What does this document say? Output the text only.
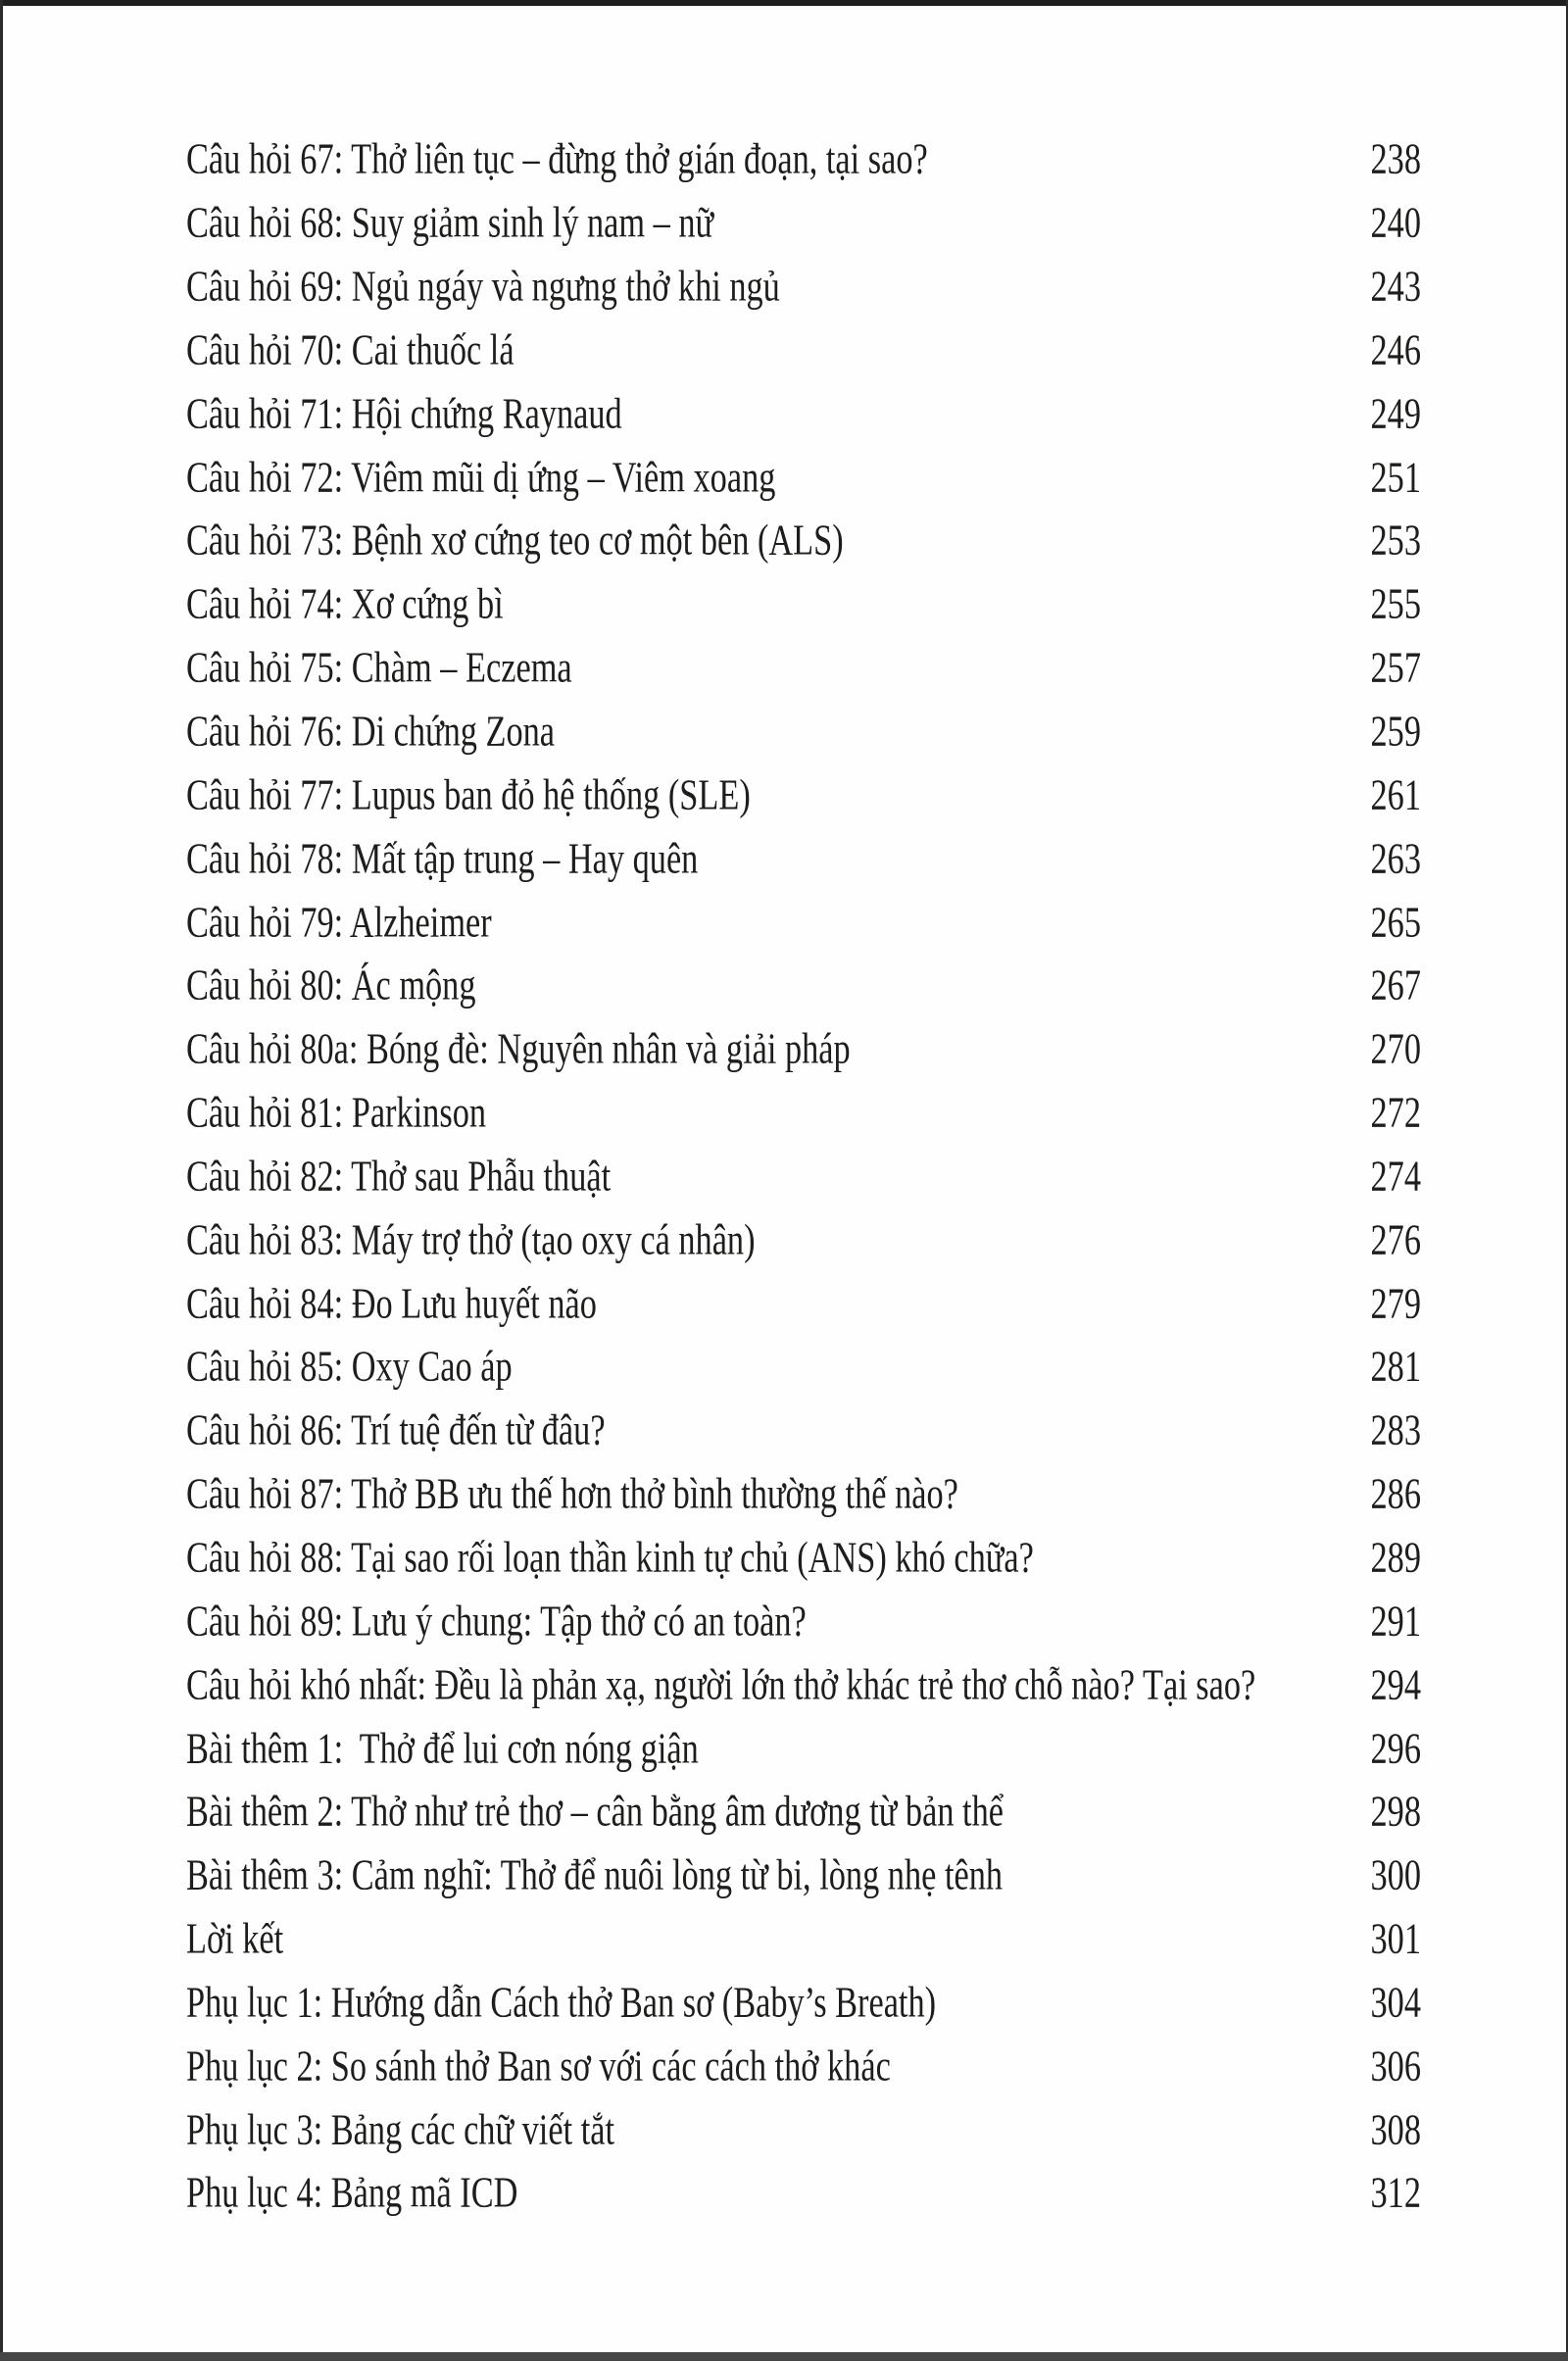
Câu hỏi 67: Thở liên tục – đừng thở gián đoạn, tại sao?	238
Câu hỏi 68: Suy giảm sinh lý nam – nữ	240
Câu hỏi 69: Ngủ ngáy và ngưng thở khi ngủ	243
Câu hỏi 70: Cai thuốc lá	246
Câu hỏi 71: Hội chứng Raynaud	249
Câu hỏi 72: Viêm mũi dị ứng – Viêm xoang	251
Câu hỏi 73: Bệnh xơ cứng teo cơ một bên (ALS)	253
Câu hỏi 74: Xơ cứng bì	255
Câu hỏi 75: Chàm – Eczema	257
Câu hỏi 76: Di chứng Zona	259
Câu hỏi 77: Lupus ban đỏ hệ thống (SLE)	261
Câu hỏi 78: Mất tập trung – Hay quên	263
Câu hỏi 79: Alzheimer	265
Câu hỏi 80: Ác mộng	267
Câu hỏi 80a: Bóng đè: Nguyên nhân và giải pháp	270
Câu hỏi 81: Parkinson	272
Câu hỏi 82: Thở sau Phẫu thuật	274
Câu hỏi 83: Máy trợ thở (tạo oxy cá nhân)	276
Câu hỏi 84: Đo Lưu huyết não	279
Câu hỏi 85: Oxy Cao áp	281
Câu hỏi 86: Trí tuệ đến từ đâu?	283
Câu hỏi 87: Thở BB ưu thế hơn thở bình thường thế nào?	286
Câu hỏi 88: Tại sao rối loạn thần kinh tự chủ (ANS) khó chữa?	289
Câu hỏi 89: Lưu ý chung: Tập thở có an toàn?	291
Câu hỏi khó nhất: Đều là phản xạ, người lớn thở khác trẻ thơ chỗ nào? Tại sao?	294
Bài thêm 1:  Thở để lui cơn nóng giận	296
Bài thêm 2: Thở như trẻ thơ – cân bằng âm dương từ bản thể	298
Bài thêm 3: Cảm nghĩ: Thở để nuôi lòng từ bi, lòng nhẹ tênh	300
Lời kết	301
Phụ lục 1: Hướng dẫn Cách thở Ban sơ (Baby’s Breath)	304
Phụ lục 2: So sánh thở Ban sơ với các cách thở khác	306
Phụ lục 3: Bảng các chữ viết tắt	308
Phụ lục 4: Bảng mã ICD	312
